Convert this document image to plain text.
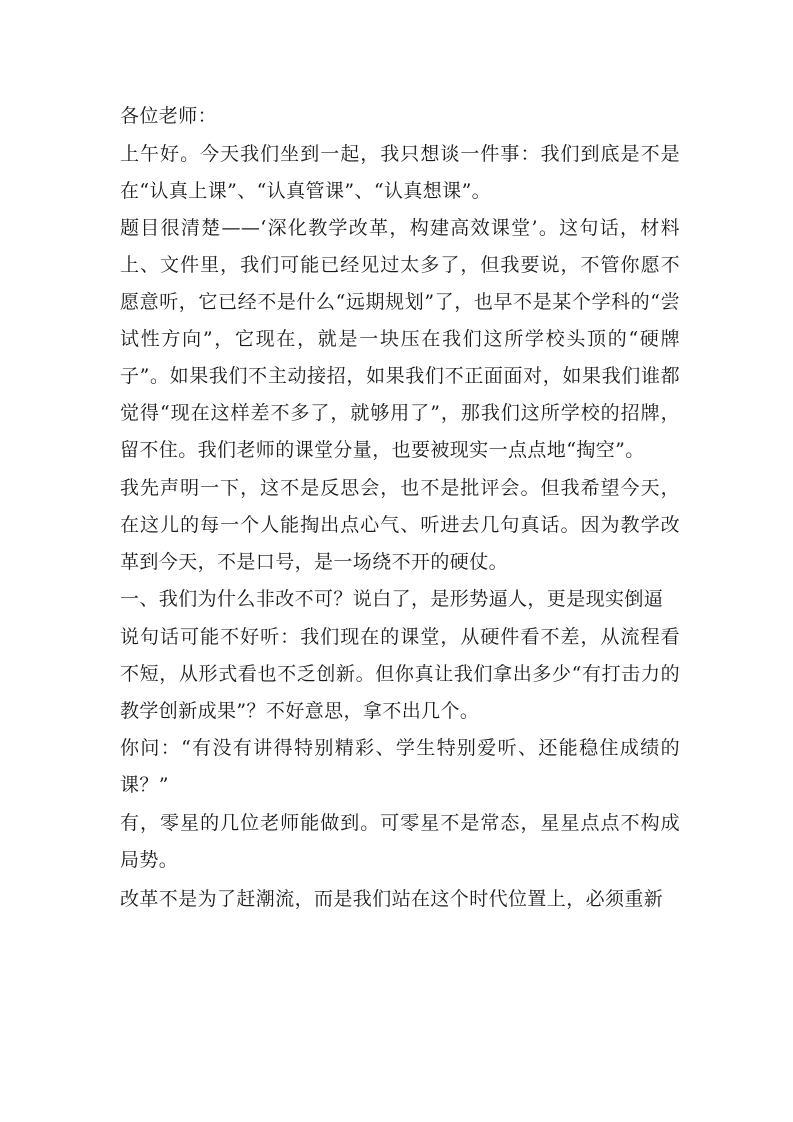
各位老师：

上午好。今天我们坐到一起，我只想谈一件事：我们到底是不是在“认真上课”、“认真管课”、“认真想课”。

题目很清楚——‘深化教学改革，构建高效课堂’。这句话，材料上、文件里，我们可能已经见过太多了，但我要说，不管你愿不愿意听，它已经不是什么“远期规划”了，也早不是某个学科的“尝试性方向”，它现在，就是一块压在我们这所学校头顶的“硬牌子”。如果我们不主动接招，如果我们不正面面对，如果我们谁都觉得“现在这样差不多了，就够用了”，那我们这所学校的招牌，留不住。我们老师的课堂分量，也要被现实一点点地“掏空”。

我先声明一下，这不是反思会，也不是批评会。但我希望今天，在这儿的每一个人能掏出点心气、听进去几句真话。因为教学改革到今天，不是口号，是一场绕不开的硬仗。

一、我们为什么非改不可？说白了，是形势逼人，更是现实倒逼

说句话可能不好听：我们现在的课堂，从硬件看不差，从流程看不短，从形式看也不乏创新。但你真让我们拿出多少“有打击力的教学创新成果”？不好意思，拿不出几个。

你问：“有没有讲得特别精彩、学生特别爱听、还能稳住成绩的课？”

有，零星的几位老师能做到。可零星不是常态，星星点点不构成局势。

改革不是为了赶潮流，而是我们站在这个时代位置上，必须重新
